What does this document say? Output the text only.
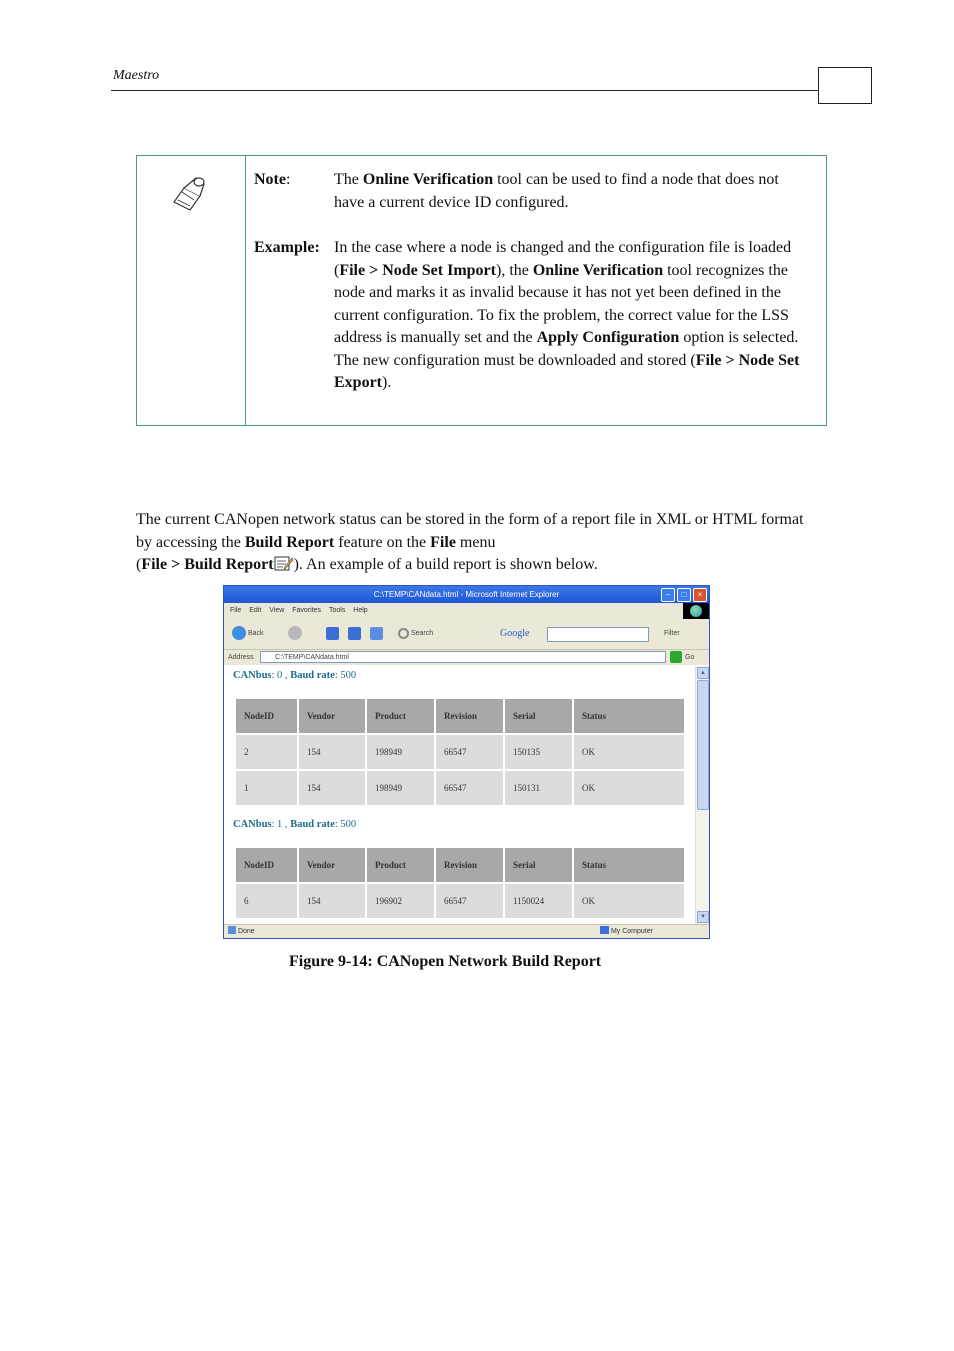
Maestro
Note:	The Online Verification tool can be used to find a node that does not have a current device ID configured.
Example: In the case where a node is changed and the configuration file is loaded (File > Node Set Import), the Online Verification tool recognizes the node and marks it as invalid because it has not yet been defined in the current configuration. To fix the problem, the correct value for the LSS address is manually set and the Apply Configuration option is selected. The new configuration must be downloaded and stored (File > Node Set Export).
The current CANopen network status can be stored in the form of a report file in XML or HTML format by accessing the Build Report feature on the File menu
(File > Build Report ). An example of a build report is shown below.
C:\TEMP\CANdata.html - Microsoft Internet Explorer	–	□	×
File Edit View Favorites Tools Help
Back	Search	Google	Filter
Address	C:\TEMP\CANdata.html	Go
CANbus: 0 , Baud rate: 500
NodeID	Vendor	Product	Revision	Serial	Status
2	154	198949	66547	150135	OK
1	154	198949	66547	150131	OK
CANbus: 1 , Baud rate: 500
NodeID	Vendor	Product	Revision	Serial	Status
6	154	196902	66547	1150024	OK
▲
▼
Done	My Computer
Figure 9-14: CANopen Network Build Report
